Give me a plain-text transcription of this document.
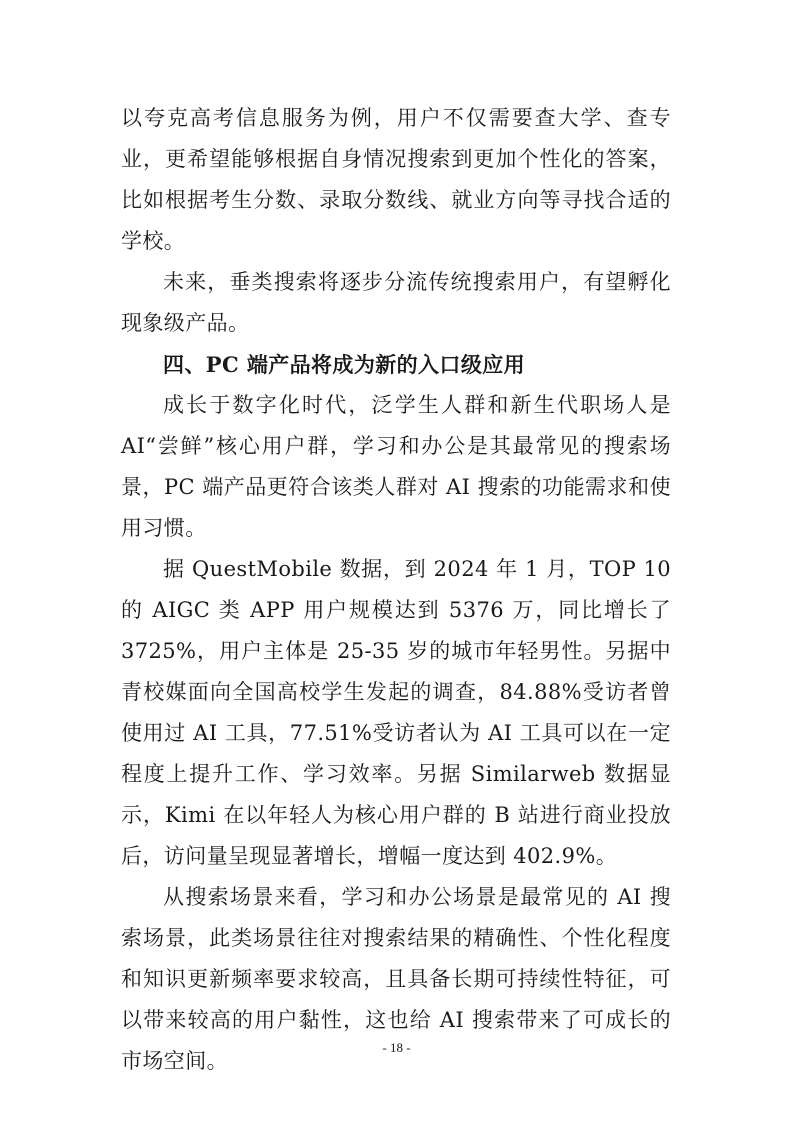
以夸克高考信息服务为例，用户不仅需要查大学、查专业，更希望能够根据自身情况搜索到更加个性化的答案，比如根据考生分数、录取分数线、就业方向等寻找合适的学校。

未来，垂类搜索将逐步分流传统搜索用户，有望孵化现象级产品。

四、PC 端产品将成为新的入口级应用

成长于数字化时代，泛学生人群和新生代职场人是 AI“尝鲜”核心用户群，学习和办公是其最常见的搜索场景，PC 端产品更符合该类人群对 AI 搜索的功能需求和使用习惯。

据 QuestMobile 数据，到 2024 年 1 月，TOP 10 的 AIGC 类 APP 用户规模达到 5376 万，同比增长了 3725%，用户主体是 25-35 岁的城市年轻男性。另据中青校媒面向全国高校学生发起的调查，84.88%受访者曾使用过 AI 工具，77.51%受访者认为 AI 工具可以在一定程度上提升工作、学习效率。另据 Similarweb 数据显示，Kimi 在以年轻人为核心用户群的 B 站进行商业投放后，访问量呈现显著增长，增幅一度达到 402.9%。

从搜索场景来看，学习和办公场景是最常见的 AI 搜索场景，此类场景往往对搜索结果的精确性、个性化程度和知识更新频率要求较高，且具备长期可持续性特征，可以带来较高的用户黏性，这也给 AI 搜索带来了可成长的市场空间。

- 18 -
